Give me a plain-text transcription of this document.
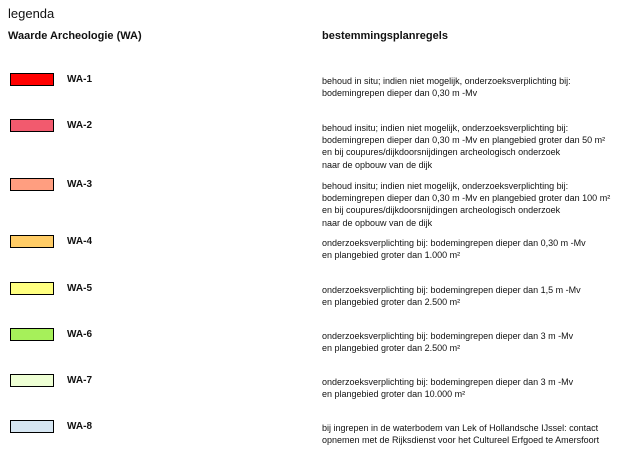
legenda
Waarde Archeologie (WA)	bestemmingsplanregels
WA-1	behoud in situ; indien niet mogelijk, onderzoeksverplichting bij:
bodemingrepen dieper dan 0,30 m -Mv
WA-2	behoud insitu; indien niet mogelijk, onderzoeksverplichting bij:
bodemingrepen dieper dan 0,30 m -Mv en plangebied groter dan 50 m²
en bij coupures/dijkdoorsnijdingen archeologisch onderzoek
naar de opbouw van de dijk
WA-3	behoud insitu; indien niet mogelijk, onderzoeksverplichting bij:
bodemingrepen dieper dan 0,30 m -Mv en plangebied groter dan 100 m²
en bij coupures/dijkdoorsnijdingen archeologisch onderzoek
naar de opbouw van de dijk
WA-4	onderzoeksverplichting bij: bodemingrepen dieper dan 0,30 m -Mv
en plangebied groter dan 1.000 m²
WA-5	onderzoeksverplichting bij: bodemingrepen dieper dan 1,5 m -Mv
en plangebied groter dan 2.500 m²
WA-6	onderzoeksverplichting bij: bodemingrepen dieper dan 3 m -Mv
en plangebied groter dan 2.500 m²
WA-7	onderzoeksverplichting bij: bodemingrepen dieper dan 3 m -Mv
en plangebied groter dan 10.000 m²
WA-8	bij ingrepen in de waterbodem van Lek of Hollandsche IJssel: contact
opnemen met de Rijksdienst voor het Cultureel Erfgoed te Amersfoort
